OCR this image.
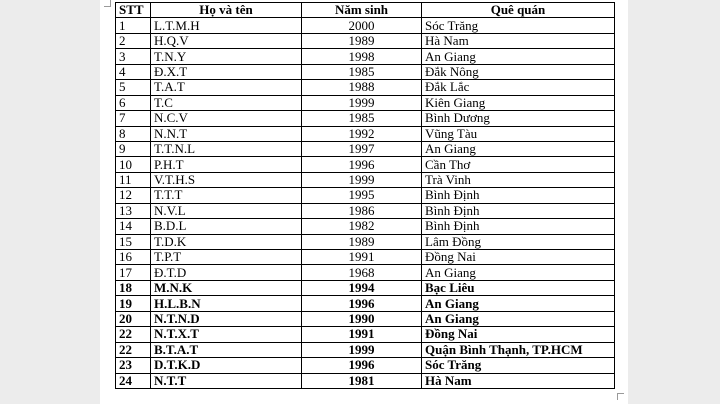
STT	Họ và tên	Năm sinh	Quê quán
1	L.T.M.H	2000	Sóc Trăng
2	H.Q.V	1989	Hà Nam
3	T.N.Y	1998	An Giang
4	Đ.X.T	1985	Đắk Nông
5	T.A.T	1988	Đắk Lắc
6	T.C	1999	Kiên Giang
7	N.C.V	1985	Bình Dương
8	N.N.T	1992	Vũng Tàu
9	T.T.N.L	1997	An Giang
10	P.H.T	1996	Cần Thơ
11	V.T.H.S	1999	Trà Vinh
12	T.T.T	1995	Bình Định
13	N.V.L	1986	Bình Định
14	B.D.L	1982	Bình Định
15	T.D.K	1989	Lâm Đồng
16	T.P.T	1991	Đồng Nai
17	Đ.T.D	1968	An Giang
18	M.N.K	1994	Bạc Liêu
19	H.L.B.N	1996	An Giang
20	N.T.N.D	1990	An Giang
22	N.T.X.T	1991	Đồng Nai
22	B.T.A.T	1999	Quận Bình Thạnh, TP.HCM
23	D.T.K.D	1996	Sóc Trăng
24	N.T.T	1981	Hà Nam
